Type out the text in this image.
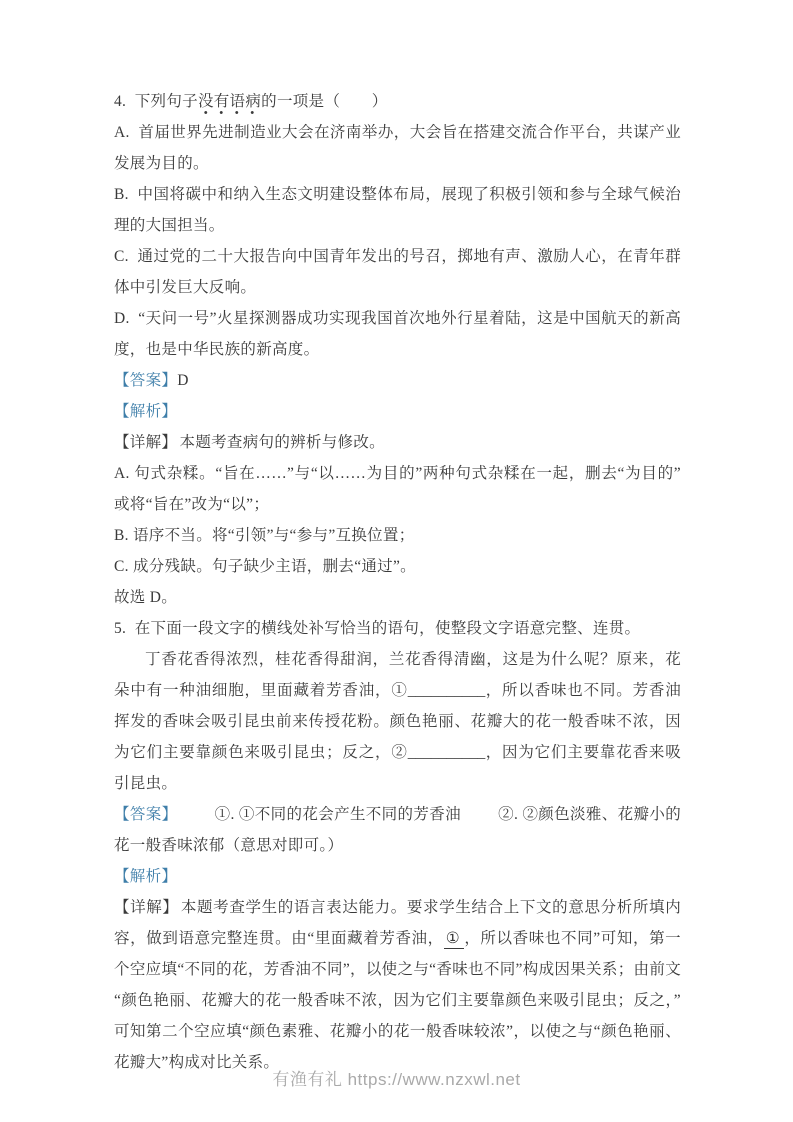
4. 下列句子没有语病的一项是（　　）

A. 首届世界先进制造业大会在济南举办，大会旨在搭建交流合作平台，共谋产业发展为目的。

B. 中国将碳中和纳入生态文明建设整体布局，展现了积极引领和参与全球气候治理的大国担当。

C. 通过党的二十大报告向中国青年发出的号召，掷地有声、激励人心，在青年群体中引发巨大反响。

D. “天问一号”火星探测器成功实现我国首次地外行星着陆，这是中国航天的新高度，也是中华民族的新高度。

【答案】D

【解析】

【详解】 本题考查病句的辨析与修改。

A. 句式杂糅。“旨在……”与“以……为目的”两种句式杂糅在一起，删去“为目的”或将“旨在”改为“以”；

B. 语序不当。将“引领”与“参与”互换位置；

C. 成分残缺。句子缺少主语，删去“通过”。

故选 D。

5. 在下面一段文字的横线处补写恰当的语句，使整段文字语意完整、连贯。

丁香花香得浓烈，桂花香得甜润，兰花香得清幽，这是为什么呢？原来，花朵中有一种油细胞，里面藏着芳香油，①__________，所以香味也不同。芳香油挥发的香味会吸引昆虫前来传授花粉。颜色艳丽、花瓣大的花一般香味不浓，因为它们主要靠颜色来吸引昆虫；反之，②__________，因为它们主要靠花香来吸引昆虫。

【答案】 ①. ①不同的花会产生不同的芳香油 ②. ②颜色淡雅、花瓣小的花一般香味浓郁（意思对即可。）

【解析】

【详解】 本题考查学生的语言表达能力。要求学生结合上下文的意思分析所填内容，做到语意完整连贯。由“里面藏着芳香油， ① ，所以香味也不同”可知，第一个空应填“不同的花，芳香油不同”，以使之与“香味也不同”构成因果关系；由前文“颜色艳丽、花瓣大的花一般香味不浓，因为它们主要靠颜色来吸引昆虫；反之，”可知第二个空应填“颜色素雅、花瓣小的花一般香味较浓”，以使之与“颜色艳丽、花瓣大”构成对比关系。

有渔有礼 https://www.nzxwl.net
